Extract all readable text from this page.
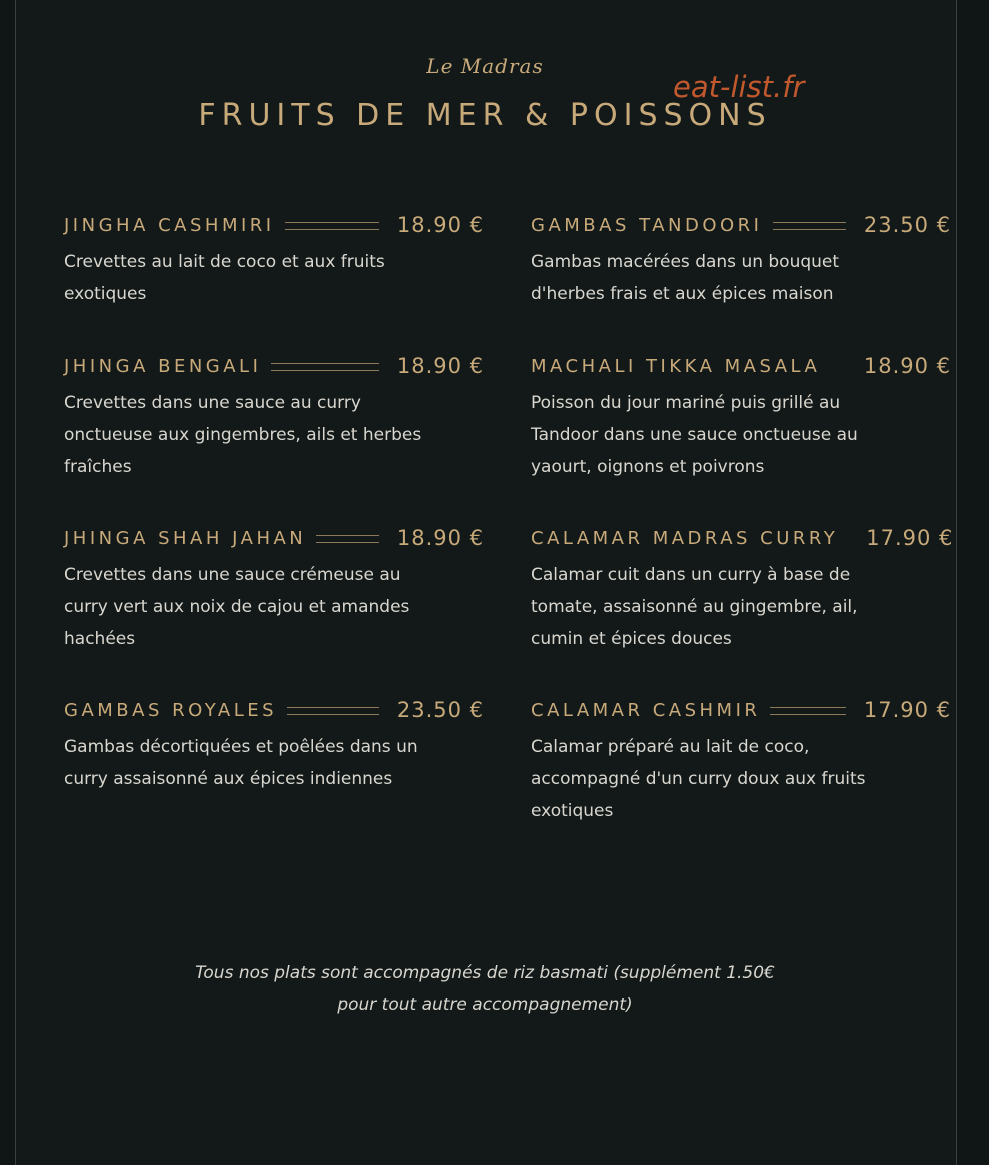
Le Madras
FRUITS DE MER & POISSONS
eat-list.fr
JINGHA CASHMIRI	18.90 €
Crevettes au lait de coco et aux fruits exotiques
JHINGA BENGALI	18.90 €
Crevettes dans une sauce au curry onctueuse aux gingembres, ails et herbes fraîches
JHINGA SHAH JAHAN	18.90 €
Crevettes dans une sauce crémeuse au curry vert aux noix de cajou et amandes hachées
GAMBAS ROYALES	23.50 €
Gambas décortiquées et poêlées dans un curry assaisonné aux épices indiennes
GAMBAS TANDOORI	23.50 €
Gambas macérées dans un bouquet d'herbes frais et aux épices maison
MACHALI TIKKA MASALA 18.90 €
Poisson du jour mariné puis grillé au Tandoor dans une sauce onctueuse au yaourt, oignons et poivrons
CALAMAR MADRAS CURRY 17.90 €
Calamar cuit dans un curry à base de tomate, assaisonné au gingembre, ail, cumin et épices douces
CALAMAR CASHMIR	17.90 €
Calamar préparé au lait de coco, accompagné d'un curry doux aux fruits exotiques
Tous nos plats sont accompagnés de riz basmati (supplément 1.50€ pour tout autre accompagnement)
